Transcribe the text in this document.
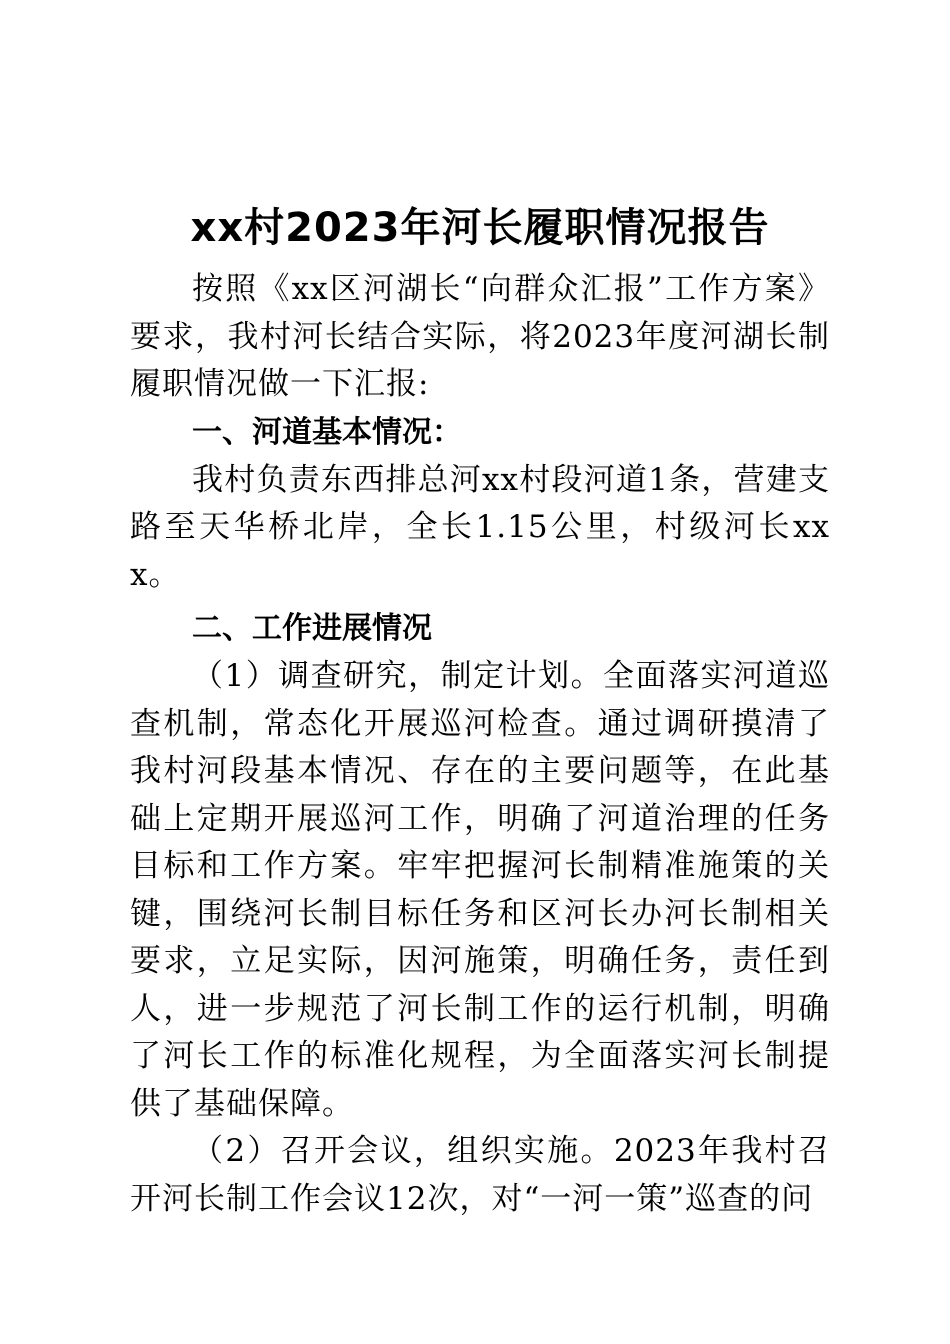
xx村2023年河长履职情况报告

按照《xx区河湖长“向群众汇报”工作方案》要求，我村河长结合实际，将2023年度河湖长制履职情况做一下汇报:

一、河道基本情况：

我村负责东西排总河xx村段河道1条，营建支路至天华桥北岸，全长1.15公里，村级河长xxx。

二、工作进展情况

（1）调查研究，制定计划。全面落实河道巡查机制，常态化开展巡河检查。通过调研摸清了我村河段基本情况、存在的主要问题等，在此基础上定期开展巡河工作，明确了河道治理的任务目标和工作方案。牢牢把握河长制精准施策的关键，围绕河长制目标任务和区河长办河长制相关要求，立足实际，因河施策，明确任务，责任到人，进一步规范了河长制工作的运行机制，明确了河长工作的标准化规程，为全面落实河长制提供了基础保障。

（2）召开会议，组织实施。2023年我村召开河长制工作会议12次，对“一河一策”巡查的问
